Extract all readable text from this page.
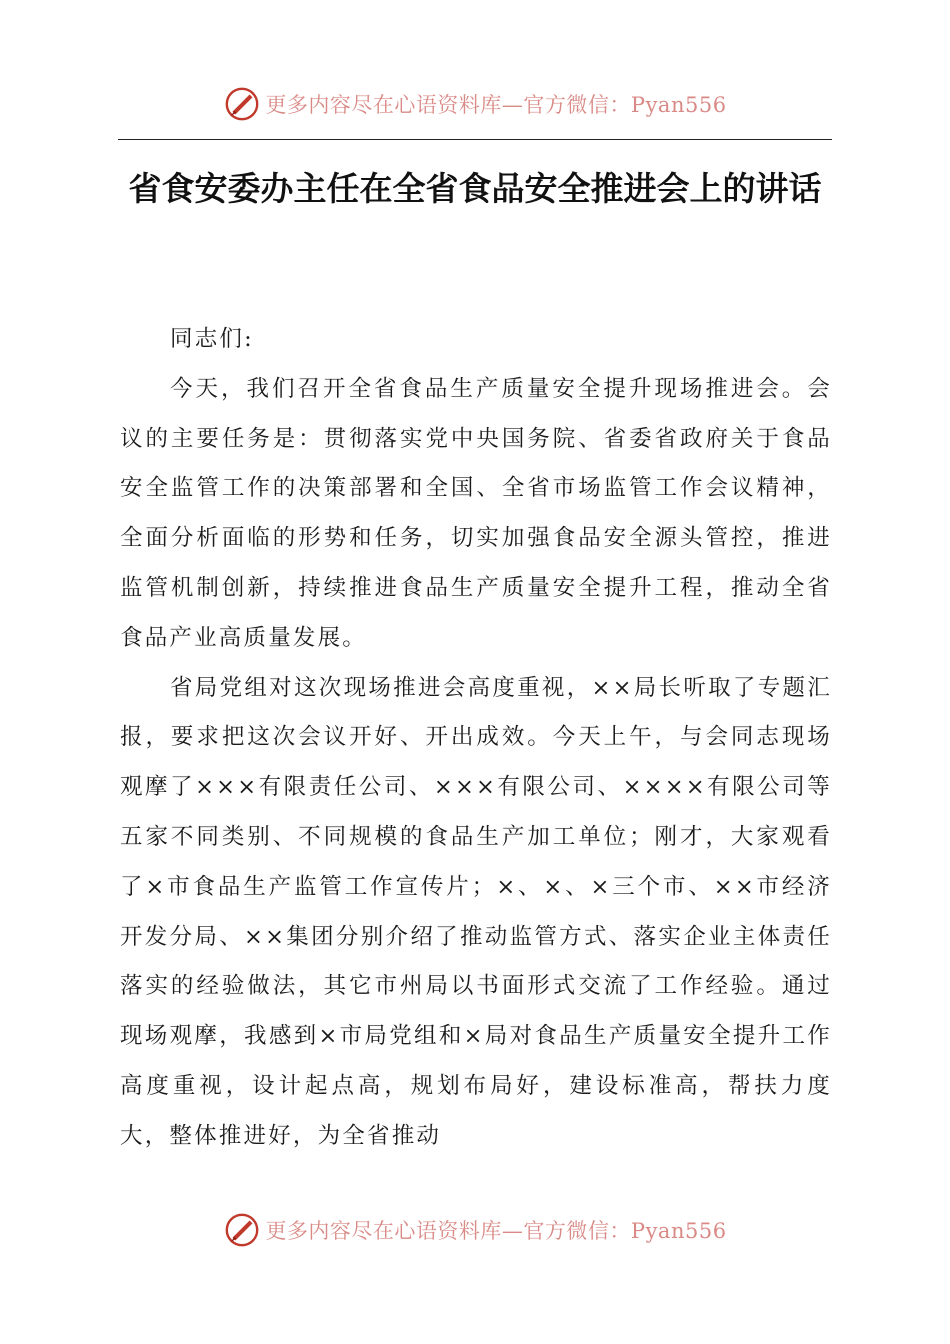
更多内容尽在心语资料库—官方微信：Pyan556
省食安委办主任在全省食品安全推进会上的讲话

同志们:

今天，我们召开全省食品生产质量安全提升现场推进会。会议的主要任务是：贯彻落实党中央国务院、省委省政府关于食品安全监管工作的决策部署和全国、全省市场监管工作会议精神，全面分析面临的形势和任务，切实加强食品安全源头管控，推进监管机制创新，持续推进食品生产质量安全提升工程，推动全省食品产业高质量发展。

省局党组对这次现场推进会高度重视，××局长听取了专题汇报，要求把这次会议开好、开出成效。今天上午，与会同志现场观摩了×××有限责任公司、×××有限公司、××××有限公司等五家不同类别、不同规模的食品生产加工单位；刚才，大家观看了×市食品生产监管工作宣传片；×、×、×三个市、××市经济开发分局、××集团分别介绍了推动监管方式、落实企业主体责任落实的经验做法，其它市州局以书面形式交流了工作经验。通过现场观摩，我感到×市局党组和×局对食品生产质量安全提升工作高度重视，设计起点高，规划布局好，建设标准高，帮扶力度大，整体推进好，为全省推动

更多内容尽在心语资料库—官方微信：Pyan556
